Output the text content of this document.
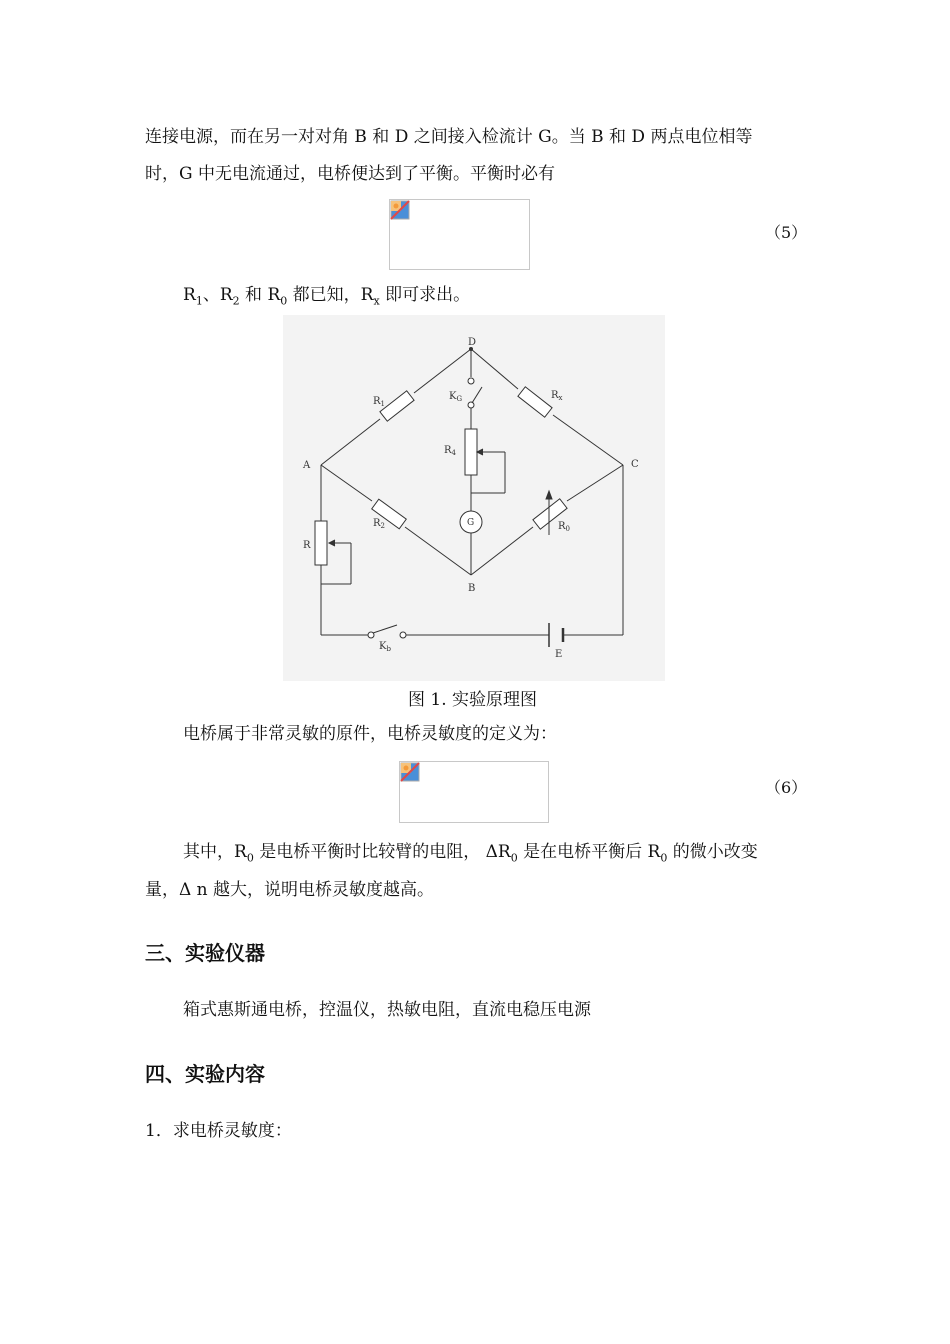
连接电源，而在另一对对角 B 和 D 之间接入检流计 G。当 B 和 D 两点电位相等
时，G 中无电流通过，电桥便达到了平衡。平衡时必有
（5）
$R_1$、$R_2$ 和 $R_0$ 都已知，$R_x$ 即可求出。
D
A
B
C
$R_1$
$R_x$
$K_G$
$R_4$
$R_2$	$R_0$
G
R
$K_b$	E
图 1. 实验原理图
电桥属于非常灵敏的原件，电桥灵敏度的定义为：
（6）
其中，$R_0$ 是电桥平衡时比较臂的电阻， $\Delta R_0$ 是在电桥平衡后 $R_0$ 的微小改变
量，Δ n 越大，说明电桥灵敏度越高。
三、实验仪器
箱式惠斯通电桥，控温仪，热敏电阻，直流电稳压电源
四、实验内容
1．求电桥灵敏度：
